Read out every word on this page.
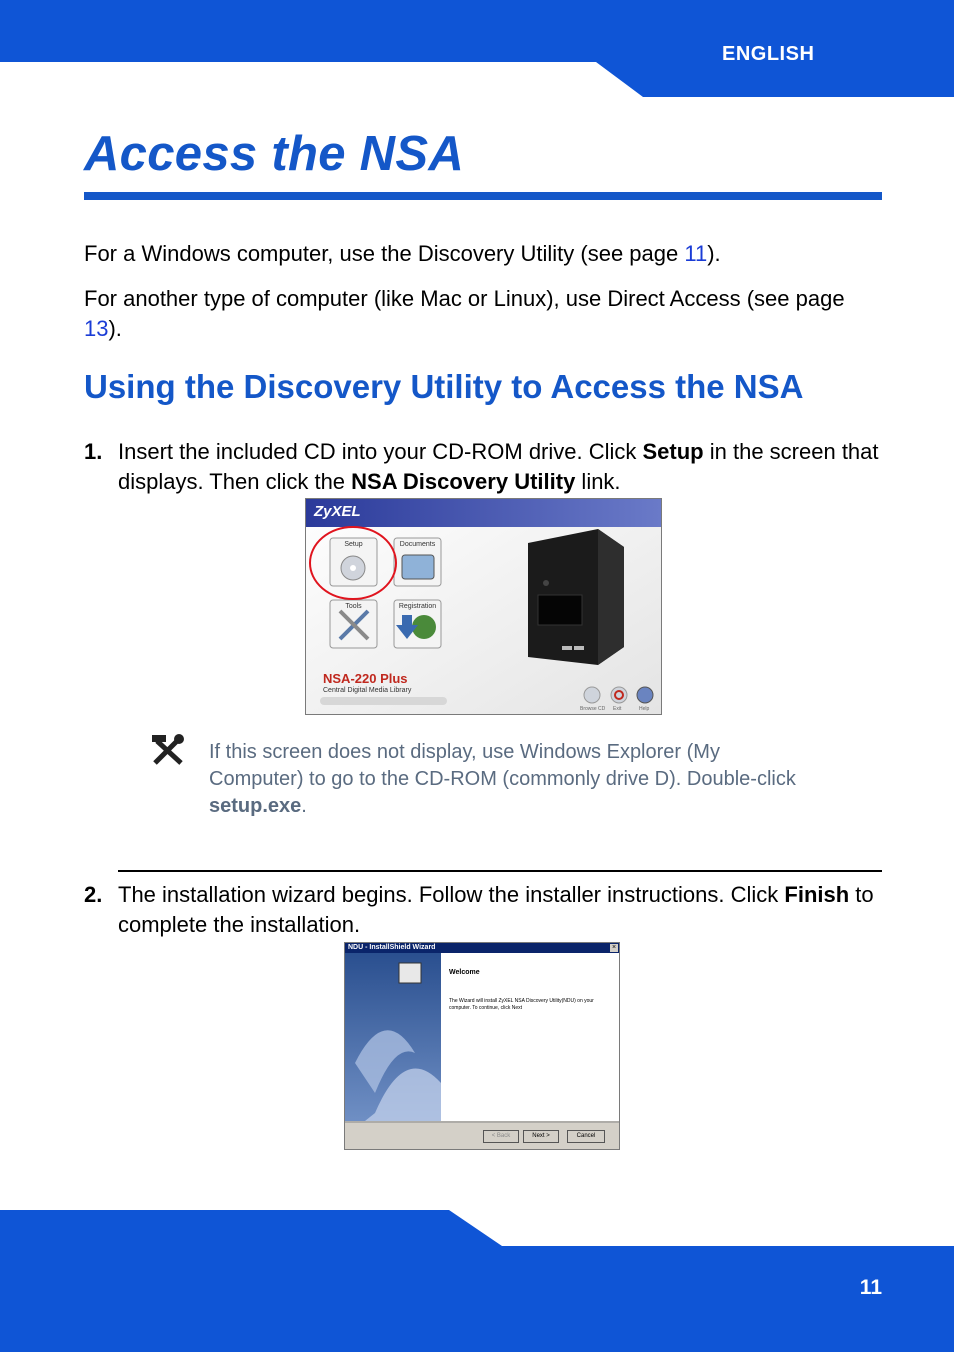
ENGLISH
Access the NSA

For a Windows computer, use the Discovery Utility (see page 11).

For another type of computer (like Mac or Linux), use Direct Access (see page 13).

Using the Discovery Utility to Access the NSA
1. Insert the included CD into your CD-ROM drive. Click Setup in the screen that displays. Then click the NSA Discovery Utility link.
ZyXEL
Setup	Documents
Tools	Registration
NSA-220 Plus
Central Digital Media Library
Browse CD Exit	Help
If this screen does not display, use Windows Explorer (My Computer) to go to the CD-ROM (commonly drive D). Double-click setup.exe.
2. The installation wizard begins. Follow the installer instructions. Click Finish to complete the installation.
NDU - InstallShield Wizard	×
Welcome
The Wizard will install ZyXEL NSA Discovery Utility(NDU) on your computer. To continue, click Next
< Back	Next >	Cancel
11
